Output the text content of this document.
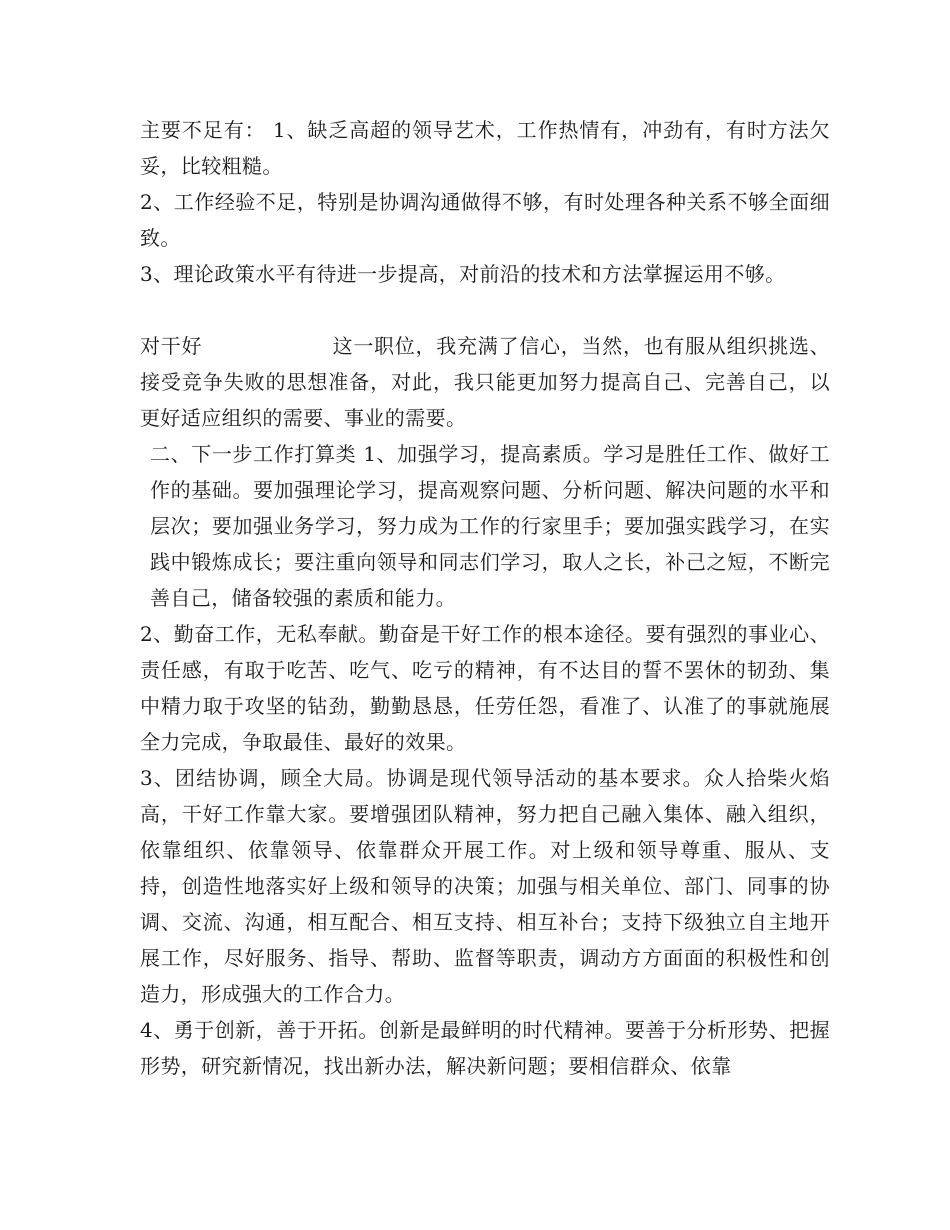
主要不足有： 1、缺乏高超的领导艺术，工作热情有，冲劲有，有时方法欠妥，比较粗糙。

2、工作经验不足，特别是协调沟通做得不够，有时处理各种关系不够全面细致。

3、理论政策水平有待进一步提高，对前沿的技术和方法掌握运用不够。

对干好	这一职位，我充满了信心，当然，也有服从组织挑选、接受竞争失败的思想准备，对此，我只能更加努力提高自己、完善自己，以更好适应组织的需要、事业的需要。

二、下一步工作打算类 1、加强学习，提高素质。学习是胜任工作、做好工作的基础。要加强理论学习，提高观察问题、分析问题、解决问题的水平和层次；要加强业务学习，努力成为工作的行家里手；要加强实践学习，在实践中锻炼成长；要注重向领导和同志们学习，取人之长，补己之短，不断完善自己，储备较强的素质和能力。

2、勤奋工作，无私奉献。勤奋是干好工作的根本途径。要有强烈的事业心、责任感，有取于吃苦、吃气、吃亏的精神，有不达目的誓不罢休的韧劲、集中精力取于攻坚的钻劲，勤勤恳恳，任劳任怨，看准了、认准了的事就施展全力完成，争取最佳、最好的效果。

3、团结协调，顾全大局。协调是现代领导活动的基本要求。众人拾柴火焰高，干好工作靠大家。要增强团队精神，努力把自己融入集体、融入组织，依靠组织、依靠领导、依靠群众开展工作。对上级和领导尊重、服从、支持，创造性地落实好上级和领导的决策；加强与相关单位、部门、同事的协调、交流、沟通，相互配合、相互支持、相互补台；支持下级独立自主地开展工作，尽好服务、指导、帮助、监督等职责，调动方方面面的积极性和创造力，形成强大的工作合力。

4、勇于创新，善于开拓。创新是最鲜明的时代精神。要善于分析形势、把握形势，研究新情况，找出新办法，解决新问题；要相信群众、依靠
